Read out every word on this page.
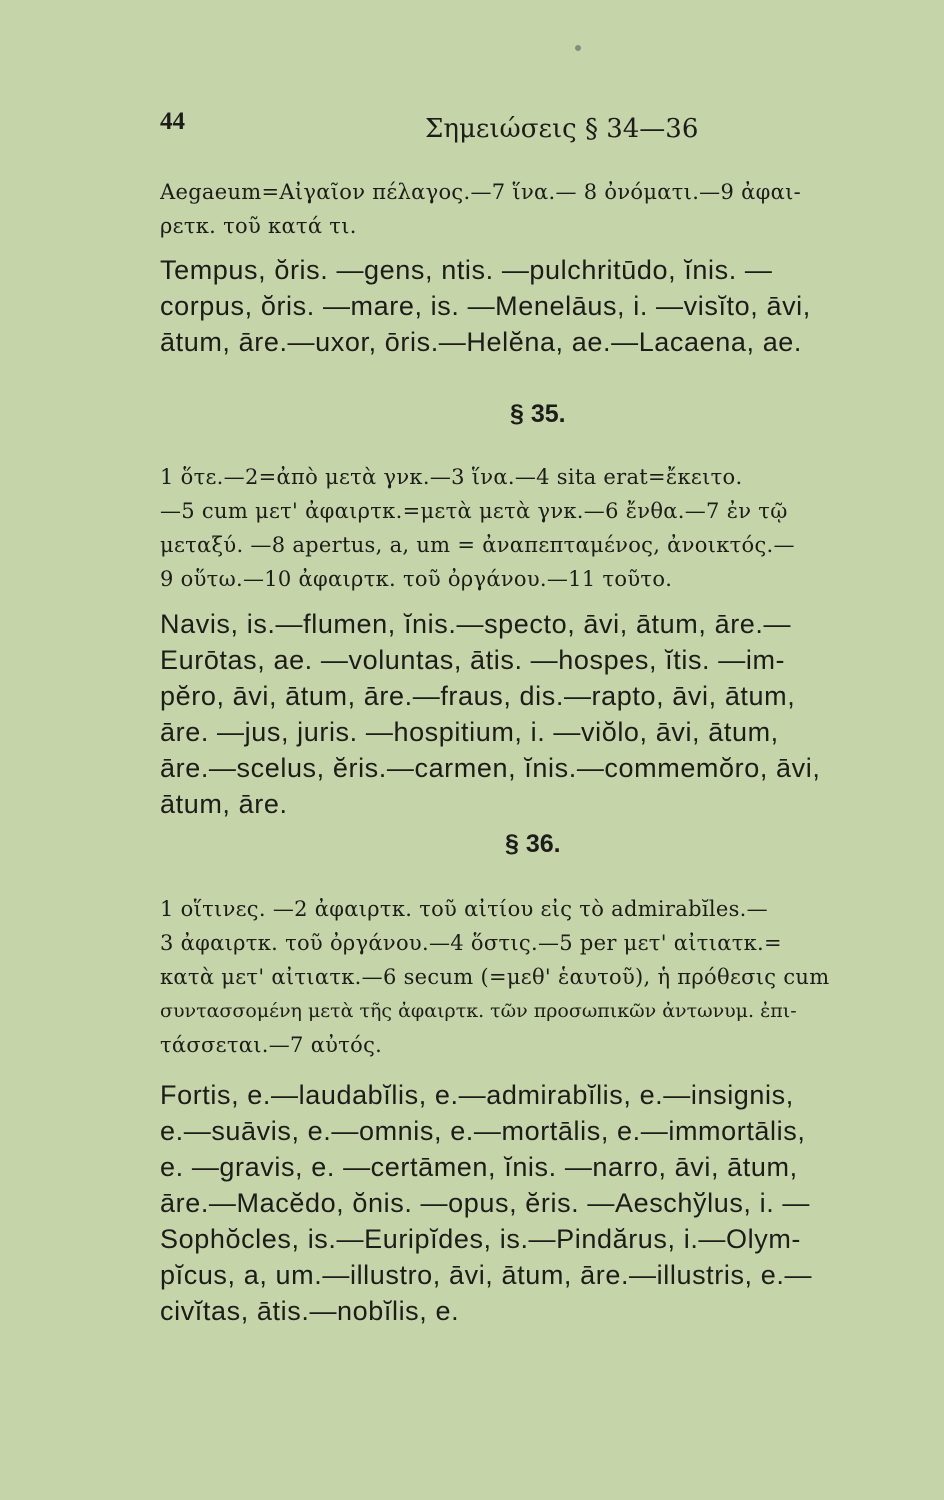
44	Σημειώσεις § 34—36
Aegaeum=Αἰγαῖον πέλαγος.—7 ἵνα.— 8 ὀνόματι.—9 ἀφαι-
ρετκ. τοῦ κατά τι.
Tempus, ŏris. —gens, ntis. —pulchritūdo, ĭnis. —
corpus, ŏris. —mare, is. —Menelāus, i. —visĭto, āvi,
ātum, āre.—uxor, ōris.—Helĕna, ae.—Lacaena, ae.
§ 35.
1 ὅτε.—2=ἀπὸ μετὰ γνκ.—3 ἵνα.—4 sita erat=ἔκειτο.
—5 cum μετ' ἀφαιρτκ.=μετὰ μετὰ γνκ.—6 ἔνθα.—7 ἐν τῷ
μεταξύ. —8 apertus, a, um = ἀναπεπταμένος, ἀνοικτός.—
9 οὕτω.—10 ἀφαιρτκ. τοῦ ὀργάνου.—11 τοῦτο.
Navis, is.—flumen, ĭnis.—specto, āvi, ātum, āre.—
Eurōtas, ae. —voluntas, ātis. —hospes, ĭtis. —im-
pĕro, āvi, ātum, āre.—fraus, dis.—rapto, āvi, ātum,
āre. —jus, juris. —hospitium, i. —viŏlo, āvi, ātum,
āre.—scelus, ĕris.—carmen, ĭnis.—commemŏro, āvi,
ātum, āre.
§ 36.
1 οἵτινες. —2 ἀφαιρτκ. τοῦ αἰτίου εἰς τὸ admirabĭles.—
3 ἀφαιρτκ. τοῦ ὀργάνου.—4 ὅστις.—5 per μετ' αἰτιατκ.=
κατὰ μετ' αἰτιατκ.—6 secum (=μεθ' ἑαυτοῦ), ἡ πρόθεσις cum
συντασσομένη μετὰ τῆς ἀφαιρτκ. τῶν προσωπικῶν ἀντωνυμ. ἐπι-
τάσσεται.—7 αὐτός.
Fortis, e.—laudabĭlis, e.—admirabĭlis, e.—insignis,
e.—suāvis, e.—omnis, e.—mortālis, e.—immortālis,
e. —gravis, e. —certāmen, ĭnis. —narro, āvi, ātum,
āre.—Macĕdo, ŏnis. —opus, ĕris. —Aeschўlus, i. —
Sophŏcles, is.—Euripĭdes, is.—Pindărus, i.—Olym-
pĭcus, a, um.—illustro, āvi, ātum, āre.—illustris, e.—
civĭtas, ātis.—nobĭlis, e.
